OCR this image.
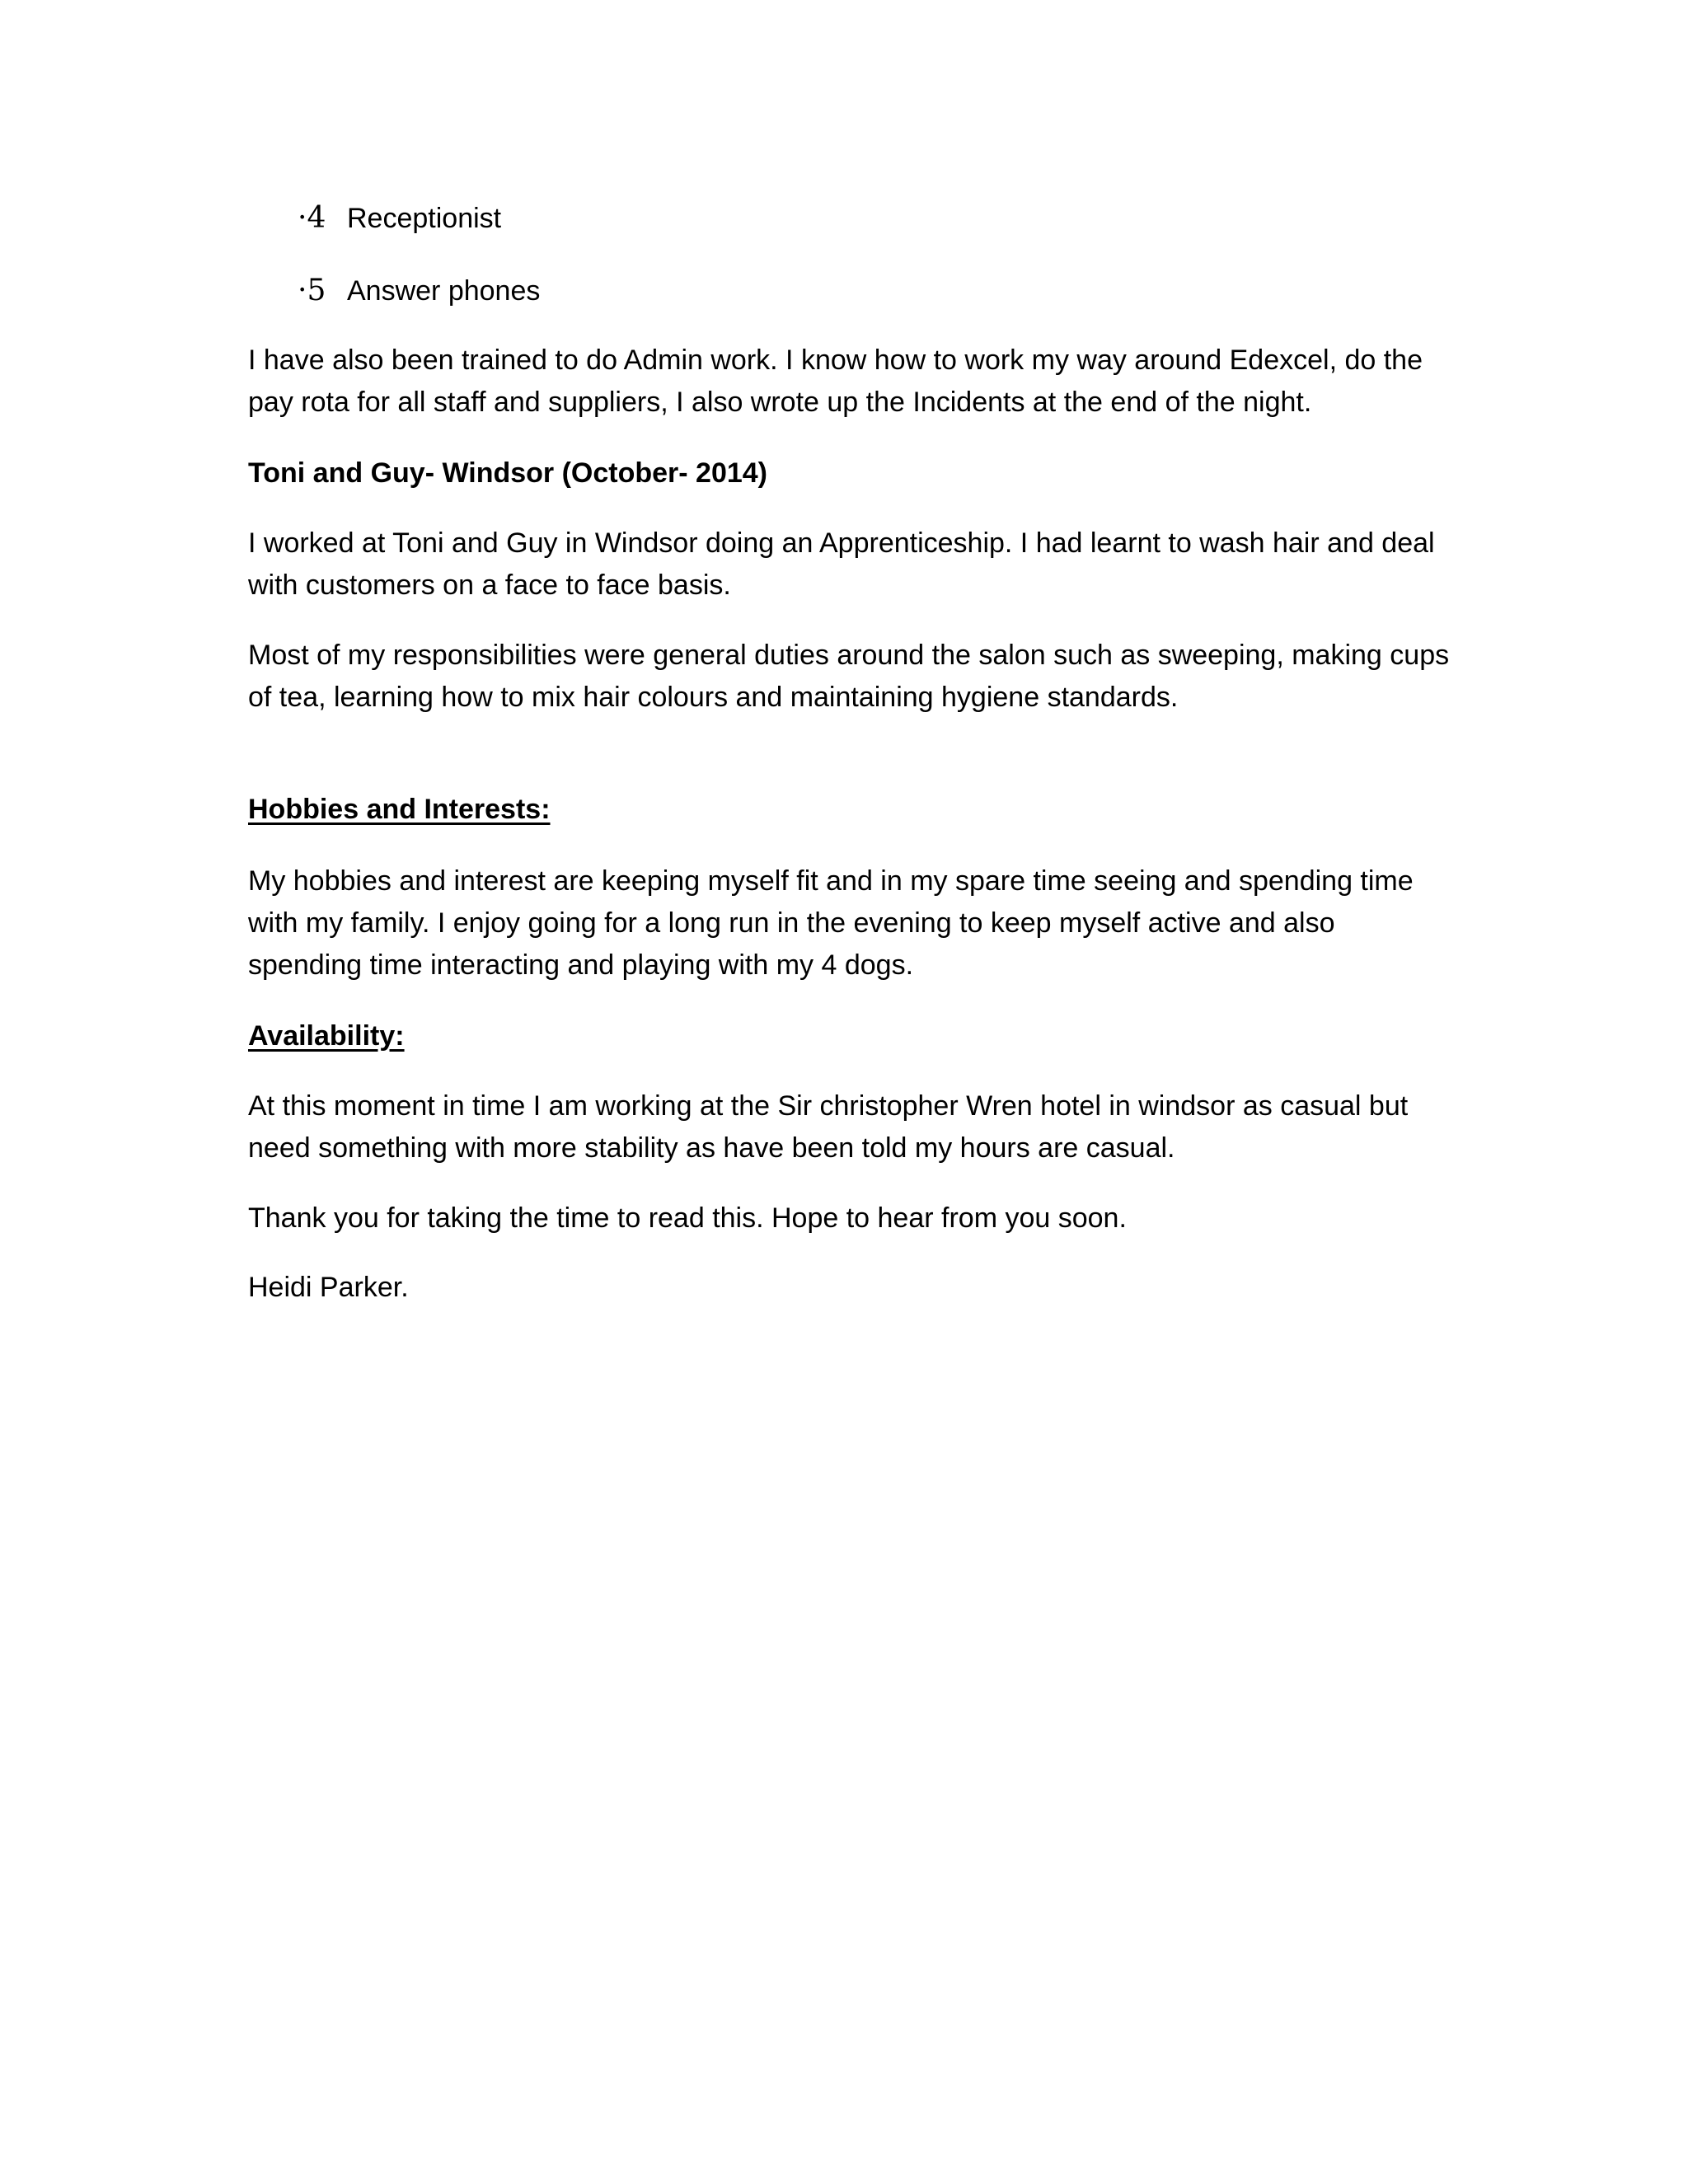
·4 Receptionist
·5 Answer phones
I have also been trained to do Admin work. I know how to work my way around Edexcel, do the pay rota for all staff and suppliers, I also wrote up the Incidents at the end of the night.
Toni and Guy- Windsor (October- 2014)
I worked at Toni and Guy in Windsor doing an Apprenticeship. I had learnt to wash hair and deal with customers on a face to face basis.
Most of my responsibilities were general duties around the salon such as sweeping, making cups of tea, learning how to mix hair colours and maintaining hygiene standards.
Hobbies and Interests:
My hobbies and interest are keeping myself fit and in my spare time seeing and spending time with my family. I enjoy going for a long run in the evening to keep myself active and also spending time interacting and playing with my 4 dogs.
Availability:
At this moment in time I am working at the Sir christopher Wren hotel in windsor as casual but need something with more stability as have been told my hours are casual.
Thank you for taking the time to read this. Hope to hear from you soon.
Heidi Parker.
